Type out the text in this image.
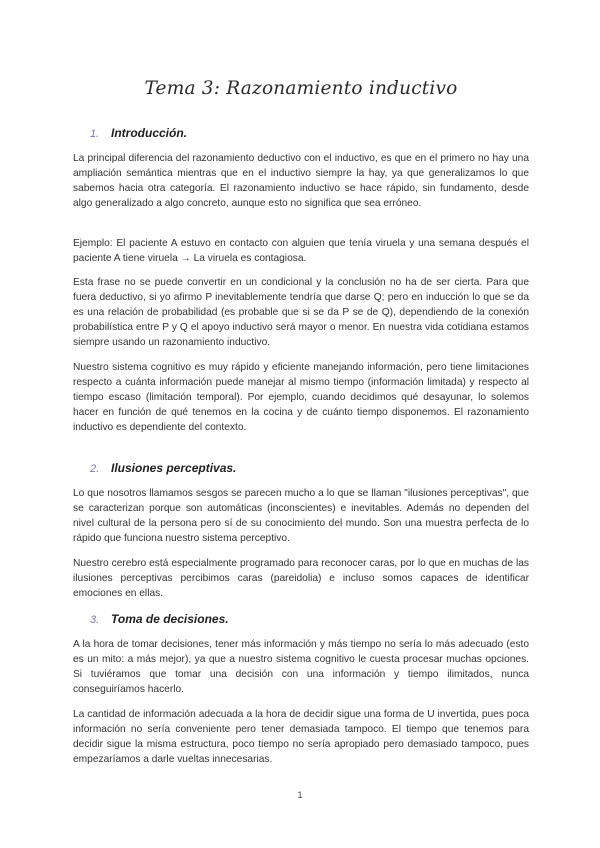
Tema 3: Razonamiento inductivo
1. Introducción.
La principal diferencia del razonamiento deductivo con el inductivo, es que en el primero no hay una ampliación semántica mientras que en el inductivo siempre la hay, ya que generalizamos lo que sabemos hacia otra categoría. El razonamiento inductivo se hace rápido, sin fundamento, desde algo generalizado a algo concreto, aunque esto no significa que sea erróneo.
Ejemplo: El paciente A estuvo en contacto con alguien que tenía viruela y una semana después el paciente A tiene viruela → La viruela es contagiosa.
Esta frase no se puede convertir en un condicional y la conclusión no ha de ser cierta. Para que fuera deductivo, si yo afirmo P inevitablemente tendría que darse Q; pero en inducción lo que se da es una relación de probabilidad (es probable que si se da P se de Q), dependiendo de la conexión probabilística entre P y Q el apoyo inductivo será mayor o menor. En nuestra vida cotidiana estamos siempre usando un razonamiento inductivo.
Nuestro sistema cognitivo es muy rápido y eficiente manejando información, pero tiene limitaciones respecto a cuánta información puede manejar al mismo tiempo (información limitada) y respecto al tiempo escaso (limitación temporal). Por ejemplo, cuando decidimos qué desayunar, lo solemos hacer en función de qué tenemos en la cocina y de cuánto tiempo disponemos. El razonamiento inductivo es dependiente del contexto.
2. Ilusiones perceptivas.
Lo que nosotros llamamos sesgos se parecen mucho a lo que se llaman "ilusiones perceptivas", que se caracterizan porque son automáticas (inconscientes) e inevitables. Además no dependen del nivel cultural de la persona pero sí de su conocimiento del mundo. Son una muestra perfecta de lo rápido que funciona nuestro sistema perceptivo.
Nuestro cerebro está especialmente programado para reconocer caras, por lo que en muchas de las ilusiones perceptivas percibimos caras (pareidolia) e incluso somos capaces de identificar emociones en ellas.
3. Toma de decisiones.
A la hora de tomar decisiones, tener más información y más tiempo no sería lo más adecuado (esto es un mito: a más mejor), ya que a nuestro sistema cognitivo le cuesta procesar muchas opciones. Si tuviéramos que tomar una decisión con una información y tiempo ilimitados, nunca conseguiríamos hacerlo.
La cantidad de información adecuada a la hora de decidir sigue una forma de U invertida, pues poca información no sería conveniente pero tener demasiada tampoco. El tiempo que tenemos para decidir sigue la misma estructura, poco tiempo no sería apropiado pero demasiado tampoco, pues empezaríamos a darle vueltas innecesarias.
1
